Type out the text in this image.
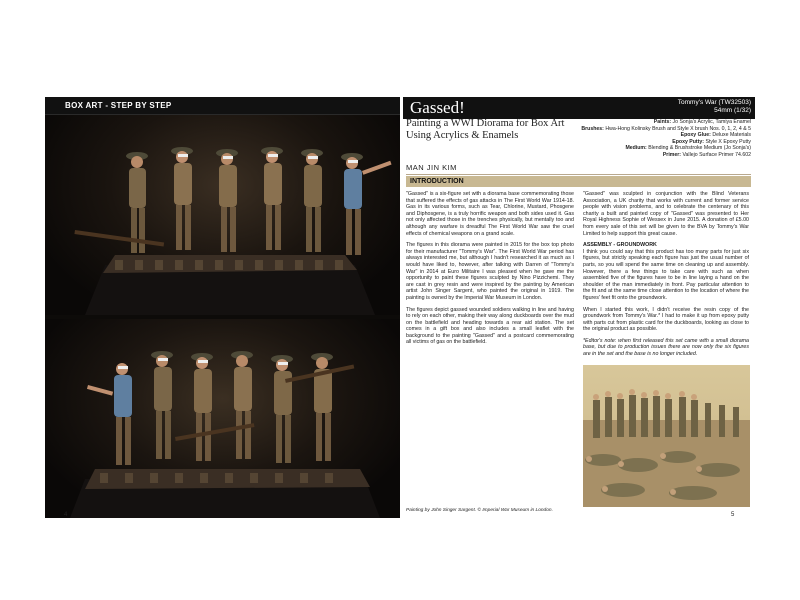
BOX ART - STEP BY STEP
4
Gassed!	Tommy's War (TW32503)
54mm (1/32)
Painting a WWI Diorama for Box Art Using Acrylics & Enamels
Paints: Jo Sonja's Acrylic, Tamiya Enamel
Brushes: Hwa-Hong Kolinsky Brush and Style X brush Nos. 0, 1, 2, 4 & 5
Epoxy Glue: Deluxe Materials
Epoxy Putty: Style X Epoxy Putty
Medium: Blending & Brushstroke Medium (Jo Sonja's)
Primer: Vallejo Surface Primer 74.602
MAN JIN KIM
INTRODUCTION

"Gassed" is a six-figure set with a diorama base commemorating those that suffered the effects of gas attacks in The First World War 1914-18. Gas in its various forms, such as Tear, Chlorine, Mustard, Phosgene and Diphosgene, is a truly horrific weapon and both sides used it. Gas not only affected those in the trenches physically, but mentally too and although any warfare is dreadful The First World War saw the cruel effects of chemical weapons on a grand scale.

The figures in this diorama were painted in 2015 for the box top photo for their manufacturer "Tommy's War". The First World War period has always interested me, but although I hadn't researched it as much as I would have liked to, however, after talking with Darren of "Tommy's War" in 2014 at Euro Militaire I was pleased when he gave me the opportunity to paint these figures sculpted by Nino Pizzichemi. They are cast in grey resin and were inspired by the painting by American artist John Singer Sargent, who painted the original in 1919. The painting is owned by the Imperial War Museum in London.

The figures depict gassed wounded soldiers walking in line and having to rely on each other, making their way along duckboards over the mud on the battlefield and heading towards a rear aid station. The set comes in a gift box and also includes a small leaflet with the background to the painting "Gassed" and a postcard commemorating all victims of gas on the battlefield.

"Gassed" was sculpted in conjunction with the Blind Veterans Association, a UK charity that works with current and former service people with vision problems, and to celebrate the centenary of this charity a built and painted copy of "Gassed" was presented to Her Royal Highness Sophie of Wessex in June 2015. A donation of £5.00 from every sale of this set will be given to the BVA by Tommy's War Limited to help support this great cause.

ASSEMBLY - GROUNDWORK

I think you could say that this product has too many parts for just six figures, but strictly speaking each figure has just the usual number of parts, so you will spend the same time on cleaning up and assembly. However, there a few things to take care with such as when assembled five of the figures have to be in line laying a hand on the shoulder of the man immediately in front. Pay particular attention to the fit and at the same time close attention to the location of where the figures' feet fit onto the groundwork.

When I started this work, I didn't receive the resin copy of the groundwork from Tommy's War.* I had to make it up from epoxy putty with parts cut from plastic card for the duckboards, looking as close to the original product as possible.

*Editor's note: when first released this set came with a small diorama base, but due to production issues there are now only the six figures are in the set and the base is no longer included.

Painting by John Singer Sargent. © Imperial War Museum in London.
5
